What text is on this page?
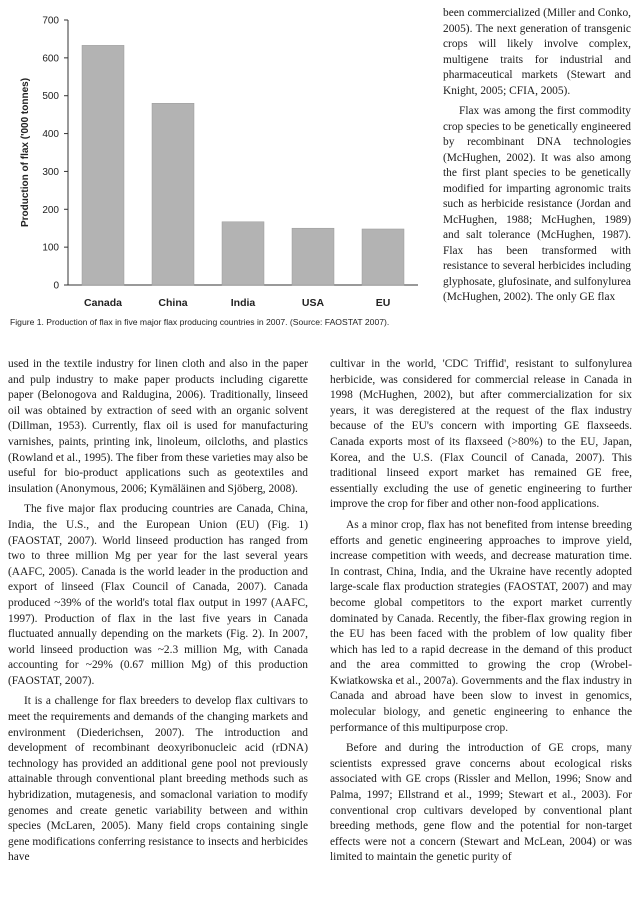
0
100
200
300
400
500
600
700
Production of flax ('000 tonnes)
Canada	China	India	USA	EU
Figure 1. Production of flax in five major flax producing countries in 2007. (Source: FAOSTAT 2007).

been commercialized (Miller and Conko, 2005). The next generation of transgenic crops will likely involve complex, multigene traits for industrial and pharmaceutical markets (Stewart and Knight, 2005; CFIA, 2005).

Flax was among the first commodity crop species to be genetically engineered by recombinant DNA technologies (McHughen, 2002). It was also among the first plant species to be genetically modified for imparting agronomic traits such as herbicide resistance (Jordan and McHughen, 1988; McHughen, 1989) and salt tolerance (McHughen, 1987). Flax has been transformed with resistance to several herbicides including glyphosate, glufosinate, and sulfonylurea (McHughen, 2002). The only GE flax

used in the textile industry for linen cloth and also in the paper and pulp industry to make paper products including cigarette paper (Belonogova and Raldugina, 2006). Traditionally, linseed oil was obtained by extraction of seed with an organic solvent (Dillman, 1953). Currently, flax oil is used for manufacturing varnishes, paints, printing ink, linoleum, oilcloths, and plastics (Rowland et al., 1995). The fiber from these varieties may also be useful for bio-product applications such as geotextiles and insulation (Anonymous, 2006; Kymäläinen and Sjöberg, 2008).

The five major flax producing countries are Canada, China, India, the U.S., and the European Union (EU) (Fig. 1) (FAOSTAT, 2007). World linseed production has ranged from two to three million Mg per year for the last several years (AAFC, 2005). Canada is the world leader in the production and export of linseed (Flax Council of Canada, 2007). Canada produced ~39% of the world's total flax output in 1997 (AAFC, 1997). Production of flax in the last five years in Canada fluctuated annually depending on the markets (Fig. 2). In 2007, world linseed production was ~2.3 million Mg, with Canada accounting for ~29% (0.67 million Mg) of this production (FAOSTAT, 2007).

It is a challenge for flax breeders to develop flax cultivars to meet the requirements and demands of the changing markets and environment (Diederichsen, 2007). The introduction and development of recombinant deoxyribonucleic acid (rDNA) technology has provided an additional gene pool not previously attainable through conventional plant breeding methods such as hybridization, mutagenesis, and somaclonal variation to modify genomes and create genetic variability between and within species (McLaren, 2005). Many field crops containing single gene modifications conferring resistance to insects and herbicides have

cultivar in the world, 'CDC Triffid', resistant to sulfonylurea herbicide, was considered for commercial release in Canada in 1998 (McHughen, 2002), but after commercialization for six years, it was deregistered at the request of the flax industry because of the EU's concern with importing GE flaxseeds. Canada exports most of its flaxseed (>80%) to the EU, Japan, Korea, and the U.S. (Flax Council of Canada, 2007). This traditional linseed export market has remained GE free, essentially excluding the use of genetic engineering to further improve the crop for fiber and other non-food applications.

As a minor crop, flax has not benefited from intense breeding efforts and genetic engineering approaches to improve yield, increase competition with weeds, and decrease maturation time. In contrast, China, India, and the Ukraine have recently adopted large-scale flax production strategies (FAOSTAT, 2007) and may become global competitors to the export market currently dominated by Canada. Recently, the fiber-flax growing region in the EU has been faced with the problem of low quality fiber which has led to a rapid decrease in the demand of this product and the area committed to growing the crop (Wrobel-Kwiatkowska et al., 2007a). Governments and the flax industry in Canada and abroad have been slow to invest in genomics, molecular biology, and genetic engineering to enhance the performance of this multipurpose crop.

Before and during the introduction of GE crops, many scientists expressed grave concerns about ecological risks associated with GE crops (Rissler and Mellon, 1996; Snow and Palma, 1997; Ellstrand et al., 1999; Stewart et al., 2003). For conventional crop cultivars developed by conventional plant breeding methods, gene flow and the potential for non-target effects were not a concern (Stewart and McLean, 2004) or was limited to maintain the genetic purity of
